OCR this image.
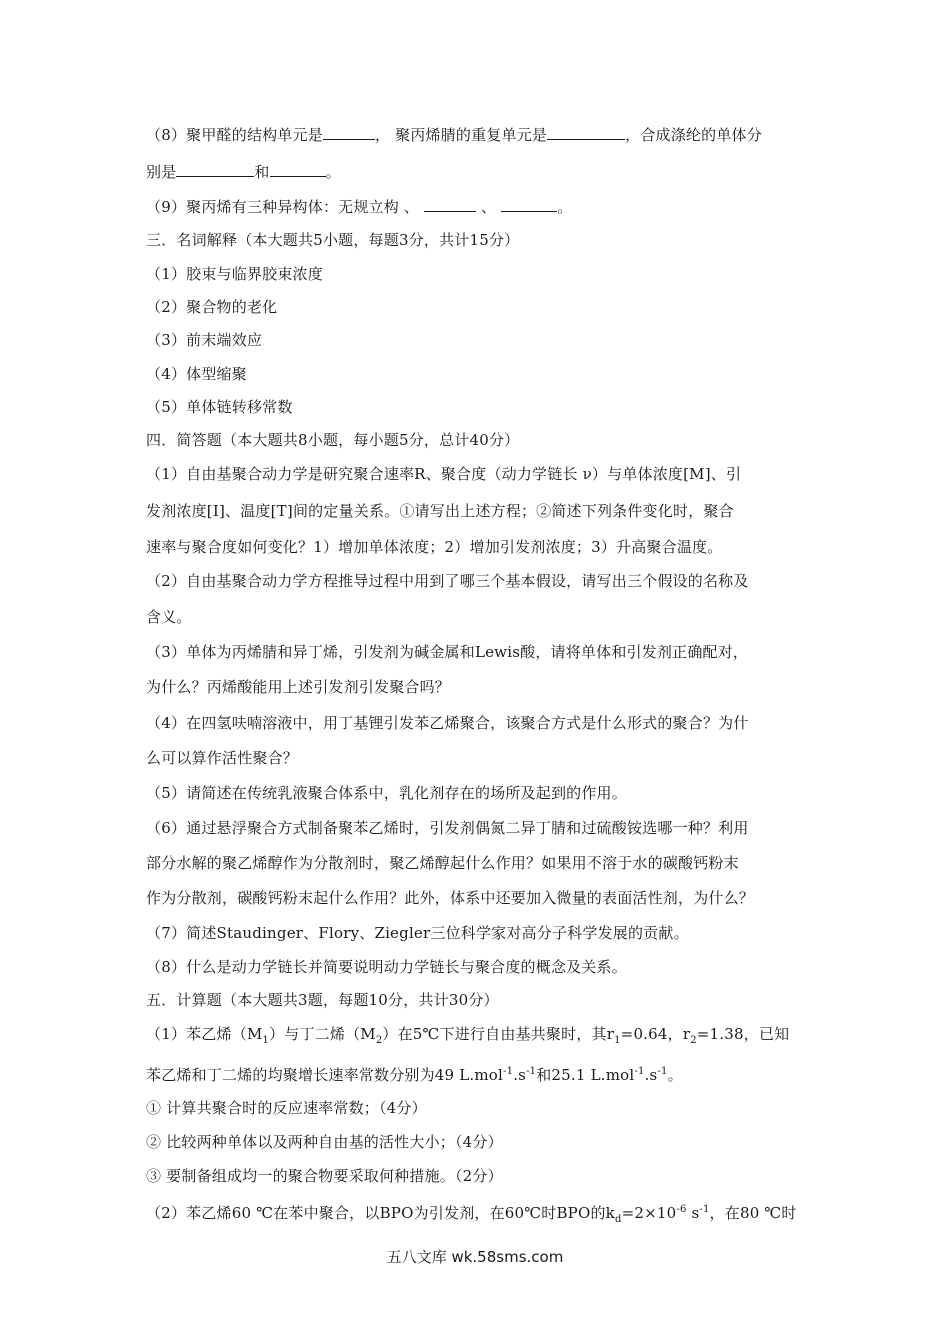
（8）聚甲醛的结构单元是	， 聚丙烯腈的重复单元是	，合成涤纶的单体分
别是	和	。
（9）聚丙烯有三种异构体：无规立构 、	、	。
三．名词解释（本大题共5小题，每题3分，共计15分）
（1）胶束与临界胶束浓度
（2）聚合物的老化
（3）前末端效应
（4）体型缩聚
（5）单体链转移常数
四．简答题（本大题共8小题，每小题5分，总计40分）
（1）自由基聚合动力学是研究聚合速率R、聚合度（动力学链长 ν）与单体浓度[M]、引
发剂浓度[I]、温度[T]间的定量关系。①请写出上述方程；②简述下列条件变化时，聚合
速率与聚合度如何变化？1）增加单体浓度；2）增加引发剂浓度；3）升高聚合温度。
（2）自由基聚合动力学方程推导过程中用到了哪三个基本假设，请写出三个假设的名称及
含义。
（3）单体为丙烯腈和异丁烯，引发剂为碱金属和Lewis酸，请将单体和引发剂正确配对，
为什么？丙烯酸能用上述引发剂引发聚合吗？
（4）在四氢呋喃溶液中，用丁基锂引发苯乙烯聚合，该聚合方式是什么形式的聚合？为什
么可以算作活性聚合？
（5）请简述在传统乳液聚合体系中，乳化剂存在的场所及起到的作用。
（6）通过悬浮聚合方式制备聚苯乙烯时，引发剂偶氮二异丁腈和过硫酸铵选哪一种？利用
部分水解的聚乙烯醇作为分散剂时，聚乙烯醇起什么作用？如果用不溶于水的碳酸钙粉末
作为分散剂，碳酸钙粉末起什么作用？此外，体系中还要加入微量的表面活性剂，为什么？
（7）简述Staudinger、Flory、Ziegler三位科学家对高分子科学发展的贡献。
（8）什么是动力学链长并简要说明动力学链长与聚合度的概念及关系。
五．计算题（本大题共3题，每题10分，共计30分）
（1）苯乙烯$(M_1)$与丁二烯$(M_2)$在5℃下进行自由基共聚时，其$r_1=0.64$，$r_2=1.38$，已知
苯乙烯和丁二烯的均聚增长速率常数分别为49 $L.mol^{-1}.s^{-1}$和25.1 $L.mol^{-1}.s^{-1}$。
① 计算共聚合时的反应速率常数；（4分）
② 比较两种单体以及两种自由基的活性大小；（4分）
③ 要制备组成均一的聚合物要采取何种措施。（2分）
（2）苯乙烯60 ℃在苯中聚合，以BPO为引发剂，在60℃时BPO的$k_d=2\times 10^{-6}$ $s^{-1}$，在80 ℃时
五八文库 wk.58sms.com
